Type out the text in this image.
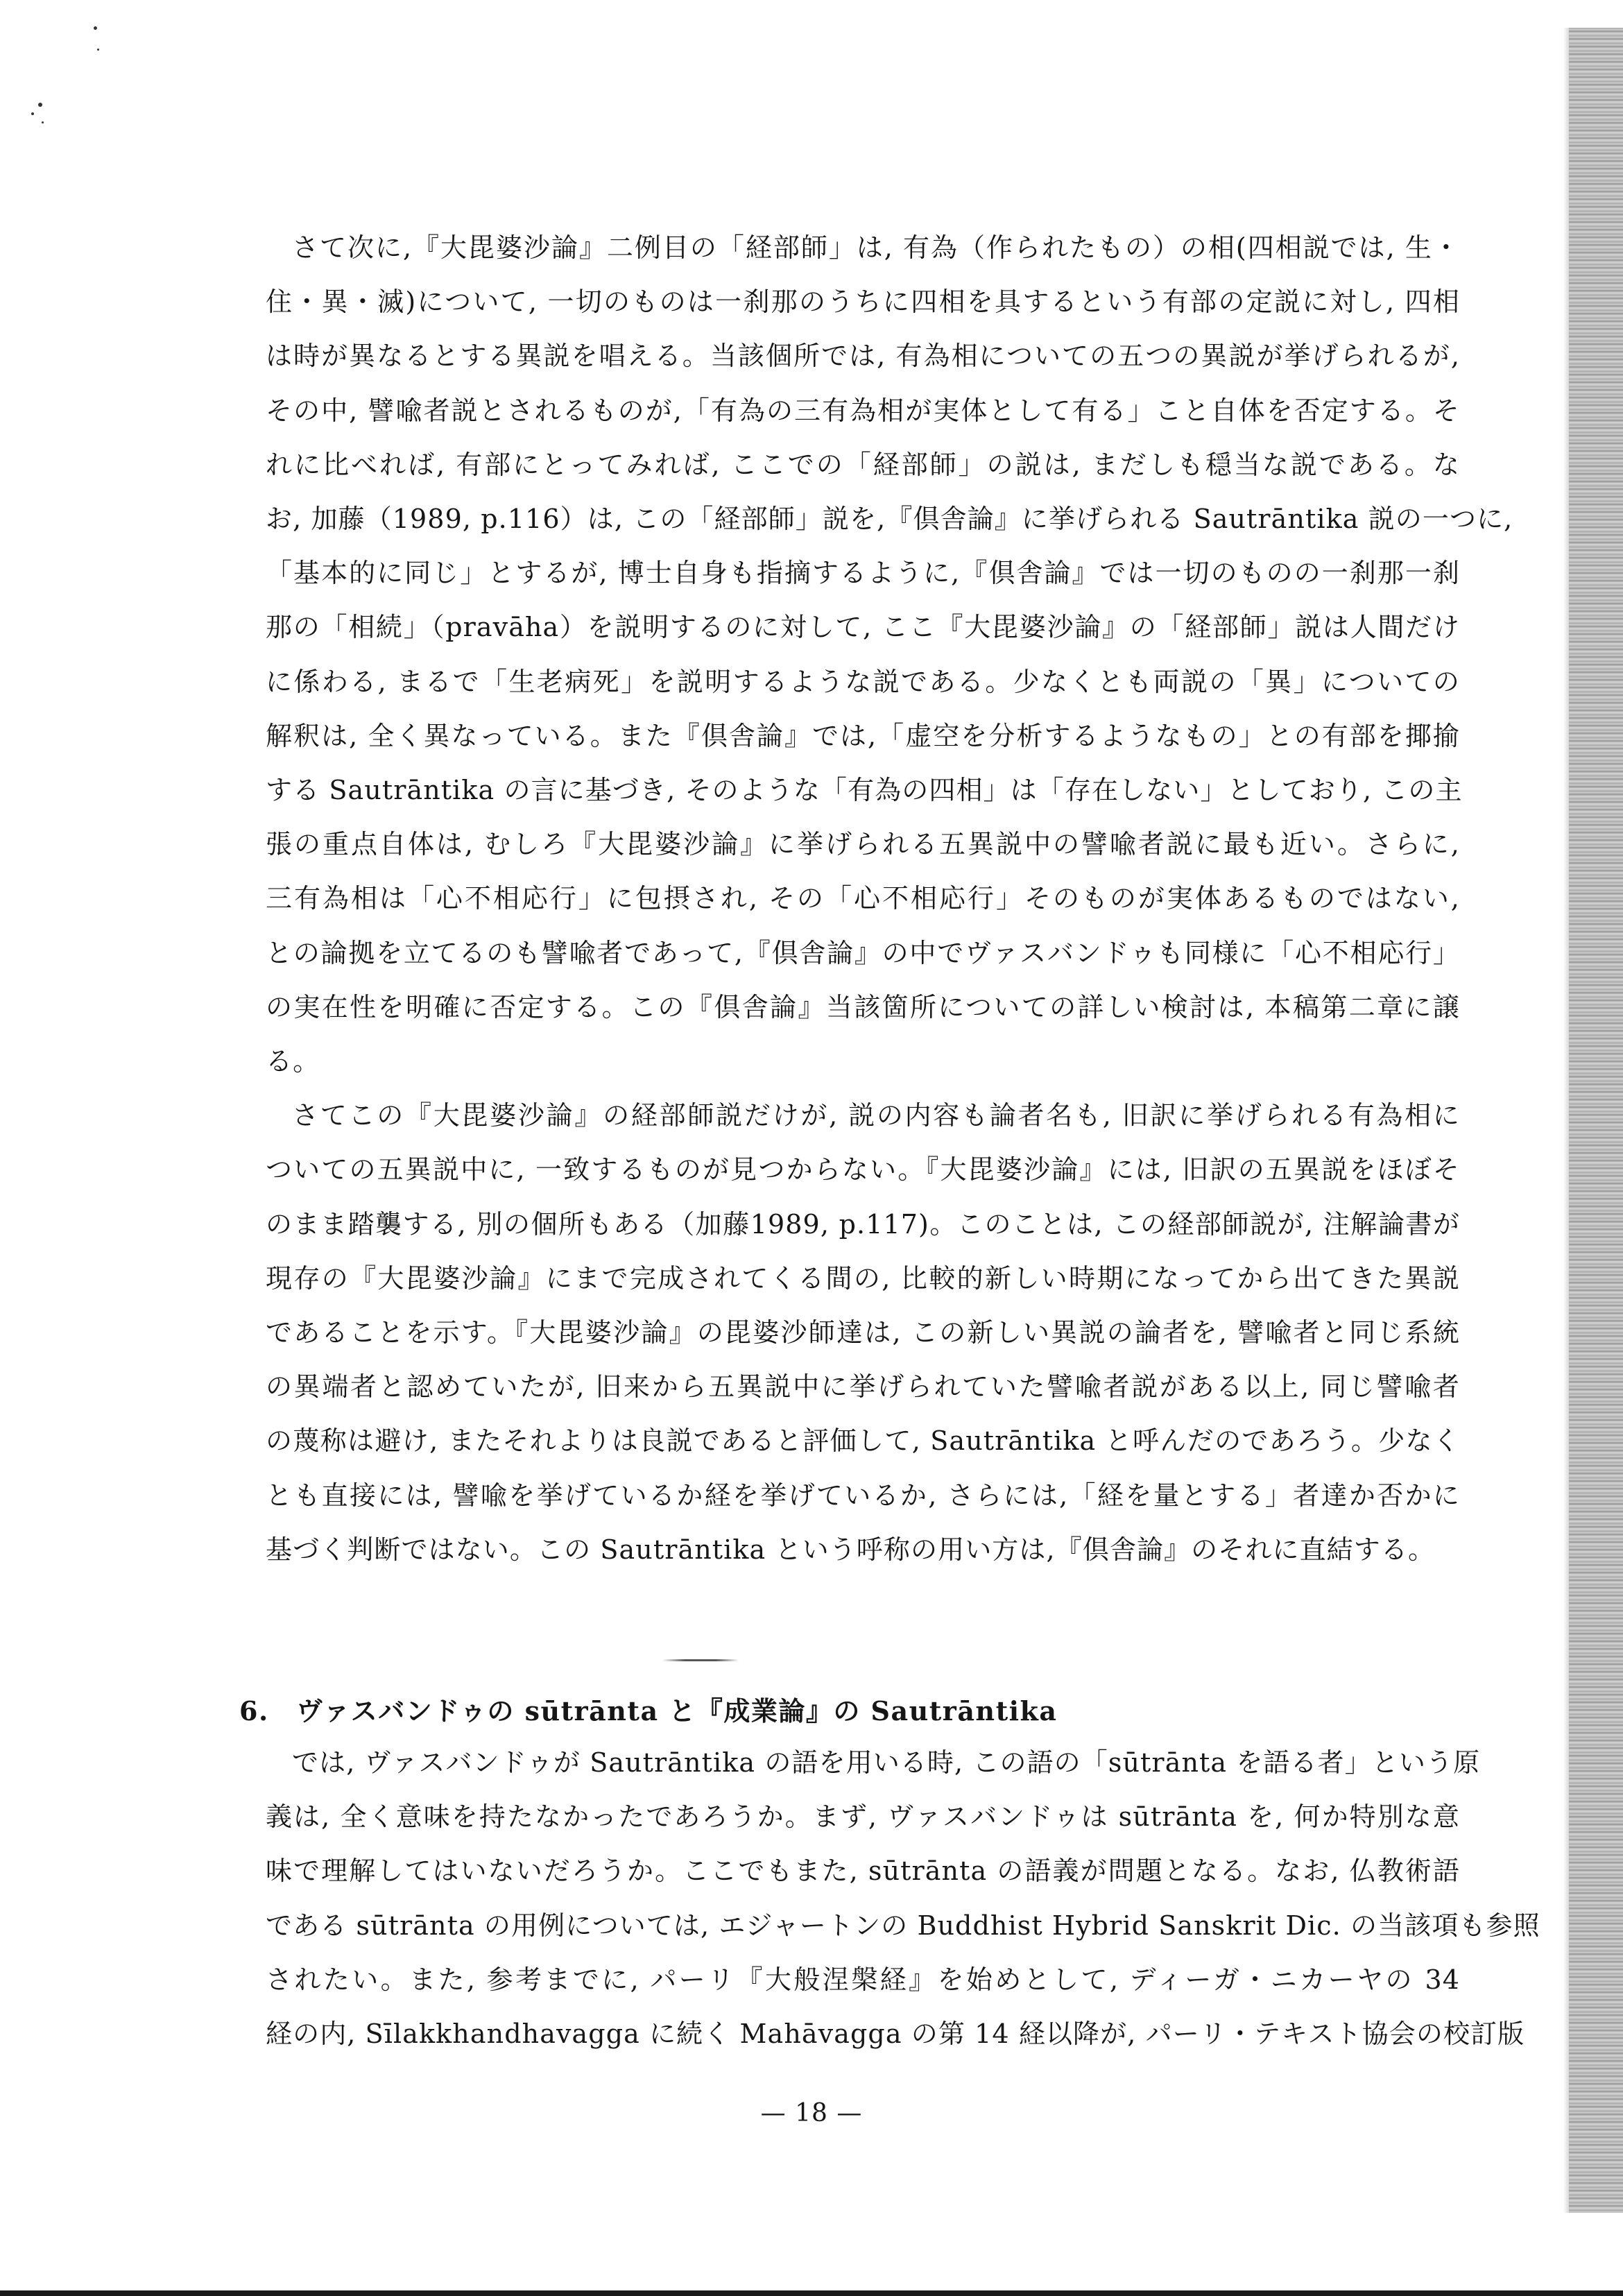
さて次に,『大毘婆沙論』二例目の「経部師」は, 有為（作られたもの）の相(四相説では, 生・
住・異・滅)について, 一切のものは一刹那のうちに四相を具するという有部の定説に対し, 四相
は時が異なるとする異説を唱える。当該個所では, 有為相についての五つの異説が挙げられるが,
その中, 譬喩者説とされるものが,「有為の三有為相が実体として有る」こと自体を否定する。そ
れに比べれば, 有部にとってみれば, ここでの「経部師」の説は, まだしも穏当な説である。な
お, 加藤（1989, p.116）は, この「経部師」説を,『倶舎論』に挙げられる Sautrāntika 説の一つに,
「基本的に同じ」とするが, 博士自身も指摘するように,『倶舎論』では一切のものの一刹那一刹
那の「相続」（pravāha）を説明するのに対して, ここ『大毘婆沙論』の「経部師」説は人間だけ
に係わる, まるで「生老病死」を説明するような説である。少なくとも両説の「異」についての
解釈は, 全く異なっている。また『倶舎論』では,「虚空を分析するようなもの」との有部を揶揄
する Sautrāntika の言に基づき, そのような「有為の四相」は「存在しない」としており, この主
張の重点自体は, むしろ『大毘婆沙論』に挙げられる五異説中の譬喩者説に最も近い。さらに,
三有為相は「心不相応行」に包摂され, その「心不相応行」そのものが実体あるものではない,
との論拠を立てるのも譬喩者であって,『倶舎論』の中でヴァスバンドゥも同様に「心不相応行」
の実在性を明確に否定する。この『倶舎論』当該箇所についての詳しい検討は, 本稿第二章に譲
る。

さてこの『大毘婆沙論』の経部師説だけが, 説の内容も論者名も, 旧訳に挙げられる有為相に
ついての五異説中に, 一致するものが見つからない。『大毘婆沙論』には, 旧訳の五異説をほぼそ
のまま踏襲する, 別の個所もある（加藤1989, p.117)。このことは, この経部師説が, 注解論書が
現存の『大毘婆沙論』にまで完成されてくる間の, 比較的新しい時期になってから出てきた異説
であることを示す。『大毘婆沙論』の毘婆沙師達は, この新しい異説の論者を, 譬喩者と同じ系統
の異端者と認めていたが, 旧来から五異説中に挙げられていた譬喩者説がある以上, 同じ譬喩者
の蔑称は避け, またそれよりは良説であると評価して, Sautrāntika と呼んだのであろう。少なく
とも直接には, 譬喩を挙げているか経を挙げているか, さらには,「経を量とする」者達か否かに
基づく判断ではない。この Sautrāntika という呼称の用い方は,『倶舎論』のそれに直結する。

6.　ヴァスバンドゥの sūtrānta と『成業論』の Sautrāntika

では, ヴァスバンドゥが Sautrāntika の語を用いる時, この語の「sūtrānta を語る者」という原
義は, 全く意味を持たなかったであろうか。まず, ヴァスバンドゥは sūtrānta を, 何か特別な意
味で理解してはいないだろうか。ここでもまた, sūtrānta の語義が問題となる。なお, 仏教術語
である sūtrānta の用例については, エジャートンの Buddhist Hybrid Sanskrit Dic. の当該項も参照
されたい。また, 参考までに, パーリ『大般涅槃経』を始めとして, ディーガ・ニカーヤの 34
経の内, Sīlakkhandhavagga に続く Mahāvagga の第 14 経以降が, パーリ・テキスト協会の校訂版

— 18 —
